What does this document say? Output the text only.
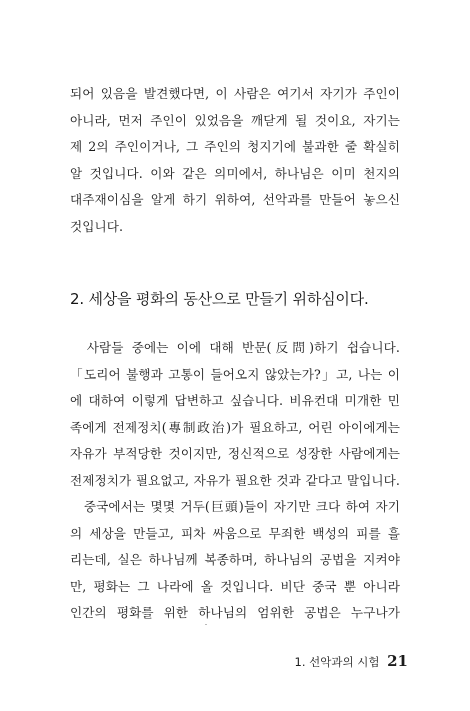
되어 있음을 발견했다면, 이 사람은 여기서 자기가 주인이
아니라, 먼저 주인이 있었음을 깨닫게 될 것이요, 자기는
제 2의 주인이거나, 그 주인의 청지기에 불과한 줄 확실히
알 것입니다. 이와 같은 의미에서, 하나님은 이미 천지의
대주재이심을 알게 하기 위하여, 선악과를 만들어 놓으신
것입니다.
2. 세상을 평화의 동산으로 만들기 위하심이다.
　사람들 중에는 이에 대해 반문(反問)하기 쉽습니다.
「도리어 불행과 고통이 들어오지 않았는가?」고, 나는 이
에 대하여 이렇게 답변하고 싶습니다. 비유컨대 미개한 민
족에게 전제정치(專制政治)가 필요하고, 어린 아이에게는
자유가 부적당한 것이지만, 정신적으로 성장한 사람에게는
전제정치가 필요없고, 자유가 필요한 것과 같다고 말입니다.
　중국에서는 몇몇 거두(巨頭)들이 자기만 크다 하여 자기
의 세상을 만들고, 피차 싸움으로 무죄한 백성의 피를 흘
리는데, 실은 하나님께 복종하며, 하나님의 공법을 지켜야
만, 평화는 그 나라에 올 것입니다. 비단 중국 뿐 아니라
인간의 평화를 위한 하나님의 엄위한 공법은 누구나가
1. 선악과의 시험 21
